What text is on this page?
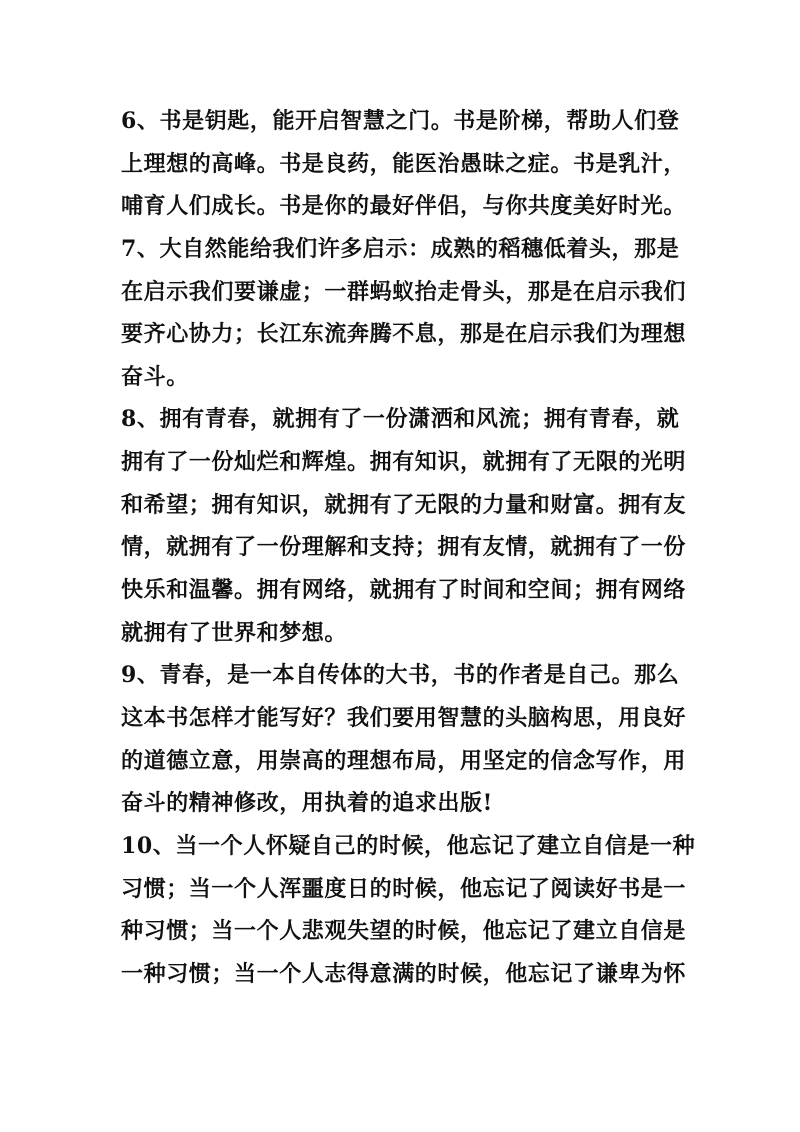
6、书是钥匙，能开启智慧之门。书是阶梯，帮助人们登
上理想的高峰。书是良药，能医治愚昧之症。书是乳汁，
哺育人们成长。书是你的最好伴侣，与你共度美好时光。
7、大自然能给我们许多启示：成熟的稻穗低着头，那是
在启示我们要谦虚；一群蚂蚁抬走骨头，那是在启示我们
要齐心协力；长江东流奔腾不息，那是在启示我们为理想
奋斗。
8、拥有青春，就拥有了一份潇洒和风流；拥有青春，就
拥有了一份灿烂和辉煌。拥有知识，就拥有了无限的光明
和希望；拥有知识，就拥有了无限的力量和财富。拥有友
情，就拥有了一份理解和支持；拥有友情，就拥有了一份
快乐和温馨。拥有网络，就拥有了时间和空间；拥有网络
就拥有了世界和梦想。
9、青春，是一本自传体的大书，书的作者是自己。那么
这本书怎样才能写好？我们要用智慧的头脑构思，用良好
的道德立意，用崇高的理想布局，用坚定的信念写作，用
奋斗的精神修改，用执着的追求出版!
10、当一个人怀疑自己的时候，他忘记了建立自信是一种
习惯；当一个人浑噩度日的时候，他忘记了阅读好书是一
种习惯；当一个人悲观失望的时候，他忘记了建立自信是
一种习惯；当一个人志得意满的时候，他忘记了谦卑为怀
